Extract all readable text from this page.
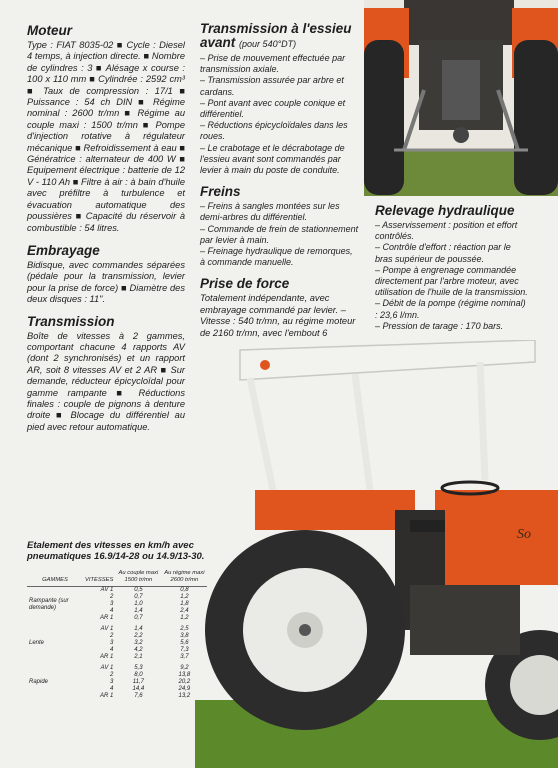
Moteur

Type : FIAT 8035-02 ■ Cycle : Diesel 4 temps, à injection directe. ■ Nombre de cylindres : 3 ■ Alésage x course : 100 x 110 mm ■ Cylindrée : 2592 cm³ ■ Taux de compression : 17/1 ■ Puissance : 54 ch DIN ■ Régime nominal : 2600 tr/mn ■ Régime au couple maxi : 1500 tr/mn ■ Pompe d'injection rotative à régulateur mécanique ■ Refroidissement à eau ■ Génératrice : alternateur de 400 W ■ Equipement électrique : batterie de 12 V - 110 Ah ■ Filtre à air : à bain d'huile avec préfiltre à turbulence et évacuation automatique des poussières ■ Capacité du réservoir à combustible : 54 litres.

Embrayage

Bidisque, avec commandes séparées (pédale pour la transmission, levier pour la prise de force) ■ Diamètre des deux disques : 11".

Transmission

Boîte de vitesses à 2 gammes, comportant chacune 4 rapports AV (dont 2 synchronisés) et un rapport AR, soit 8 vitesses AV et 2 AR ■ Sur demande, réducteur épicycloïdal pour gamme rampante ■ Réductions finales : couple de pignons à denture droite ■ Blocage du différentiel au pied avec retour automatique.

Transmission à l'essieu avant (pour 540°DT)
– Prise de mouvement effectuée par transmission axiale.
– Transmission assurée par arbre et cardans.
– Pont avant avec couple conique et différentiel.
– Réductions épicycloïdales dans les roues.
– Le crabotage et le décrabotage de l'essieu avant sont commandés par levier à main du poste de conduite.
Freins
– Freins à sangles montées sur les demi-arbres du différentiel.
– Commande de frein de stationnement par levier à main.
– Freinage hydraulique de remorques, à commande manuelle.
Prise de force

Totalement indépendante, avec embrayage commandé par levier. – Vitesse : 540 tr/mn, au régime moteur de 2160 tr/mn, avec l'embout 6

Relevage hydraulique
– Asservissement : position et effort contrôlés.
– Contrôle d'effort : réaction par le bras supérieur de poussée.
– Pompe à engrenage commandée directement par l'arbre moteur, avec utilisation de l'huile de la transmission.
– Débit de la pompe (régime nominal) : 23,6 l/mn.
– Pression de tarage : 170 bars.
So
Etalement des vitesses en km/h avec pneumatiques 16.9/14-28 ou 14.9/13-30.
GAMMES	VITESSES	Au couple maxi 1500 tr/mn	Au régime maxi 2600 tr/mn
Rampante (sur demande)	AV 1	0,5	0,8
	2	0,7	1,2
	3	1,0	1,8
	4	1,4	2,4
	AR 1	0,7	1,2

Lente	AV 1	1,4	2,5
	2	2,2	3,8
	3	3,2	5,6
	4	4,2	7,3
	AR 1	2,1	3,7

Rapide	AV 1	5,3	9,2
	2	8,0	13,8
	3	11,7	20,2
	4	14,4	24,9
	AR 1	7,6	13,2
